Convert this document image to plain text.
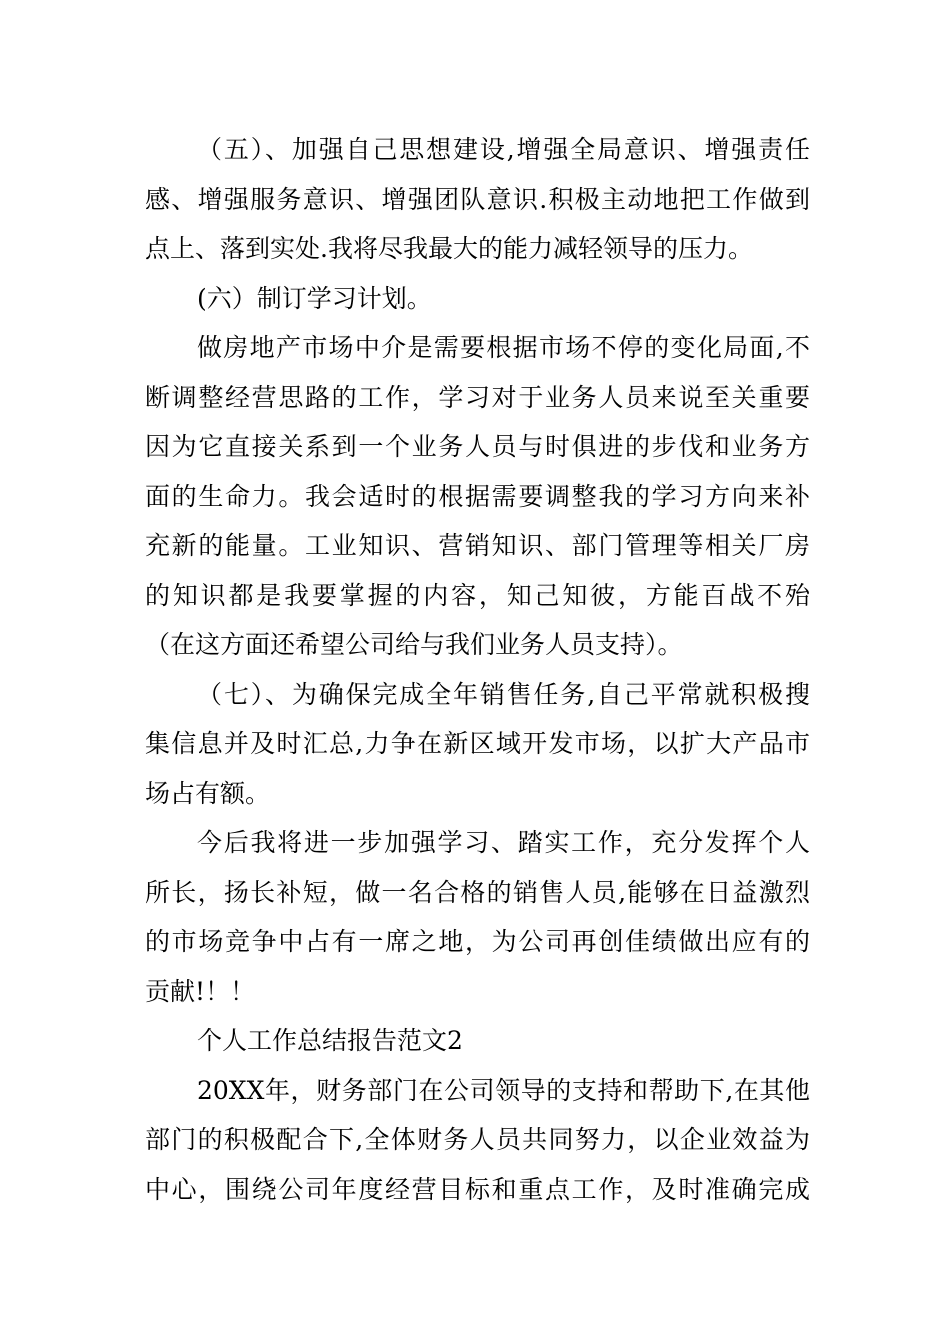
（五）、加强自己思想建设,增强全局意识、增强责任
感、增强服务意识、增强团队意识.积极主动地把工作做到
点上、落到实处.我将尽我最大的能力减轻领导的压力。
(六）制订学习计划。
做房地产市场中介是需要根据市场不停的变化局面,不
断调整经营思路的工作，学习对于业务人员来说至关重要
因为它直接关系到一个业务人员与时俱进的步伐和业务方
面的生命力。我会适时的根据需要调整我的学习方向来补
充新的能量。工业知识、营销知识、部门管理等相关厂房
的知识都是我要掌握的内容，知己知彼，方能百战不殆
（在这方面还希望公司给与我们业务人员支持）。
（七）、为确保完成全年销售任务,自己平常就积极搜
集信息并及时汇总,力争在新区域开发市场，以扩大产品市
场占有额。
今后我将进一步加强学习、踏实工作，充分发挥个人
所长，扬长补短，做一名合格的销售人员,能够在日益激烈
的市场竞争中占有一席之地，为公司再创佳绩做出应有的
贡献!！！
个人工作总结报告范文2
20XX年，财务部门在公司领导的支持和帮助下,在其他
部门的积极配合下,全体财务人员共同努力，以企业效益为
中心，围绕公司年度经营目标和重点工作，及时准确完成
